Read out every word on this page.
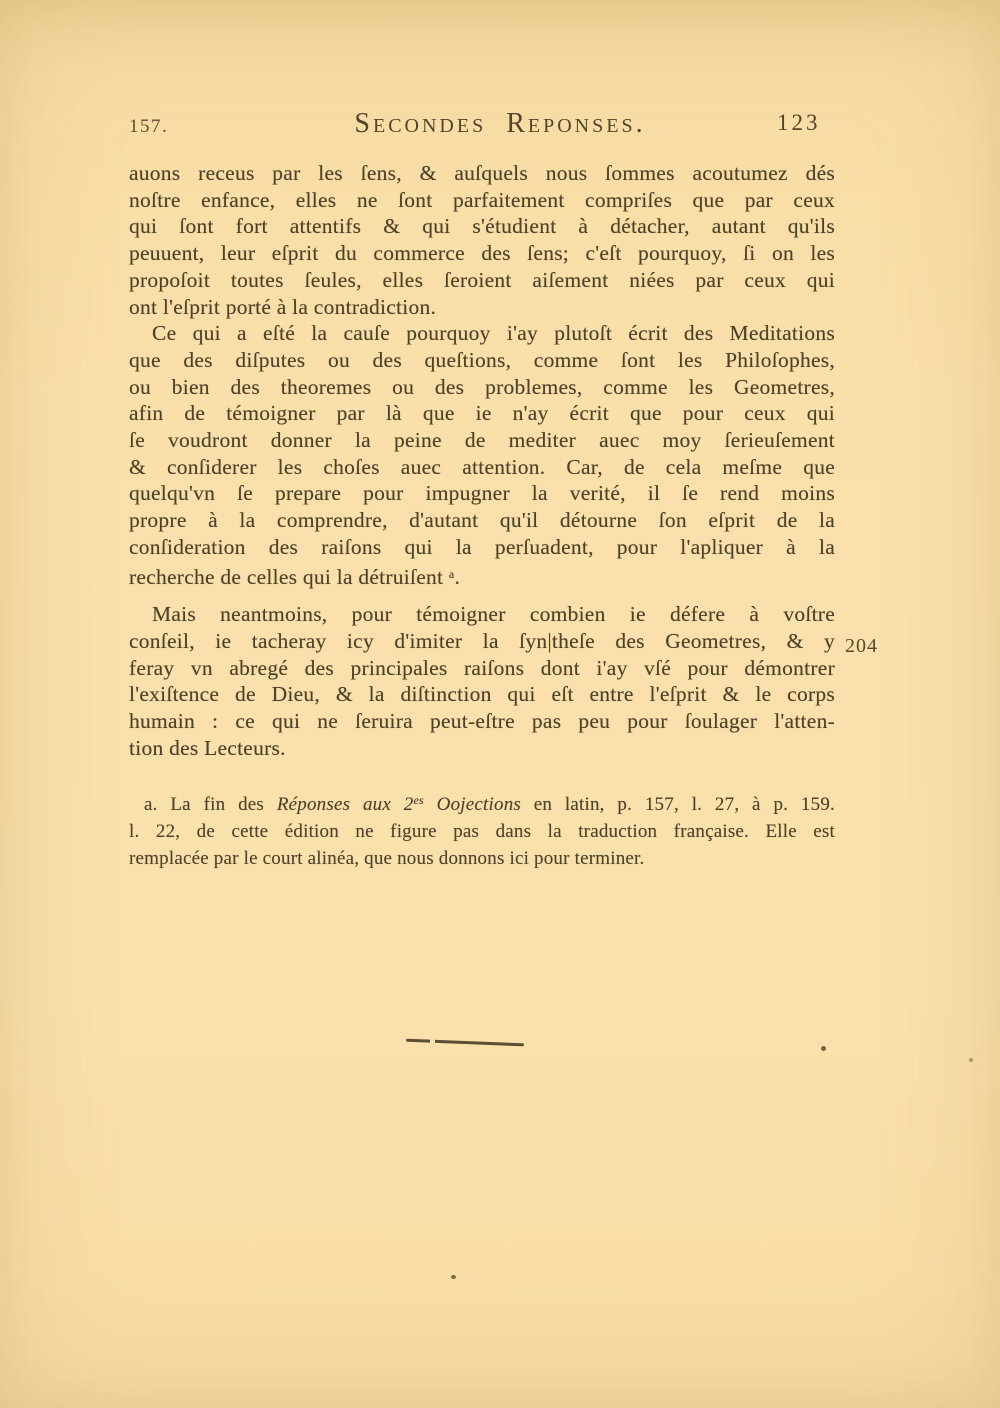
157.	Secondes Reponses.	123
auons receus par les ſens, & auſquels nous ſommes acoutumez dés
noſtre enfance, elles ne ſont parfaitement compriſes que par ceux
qui ſont fort attentifs & qui s'étudient à détacher, autant qu'ils
peuuent, leur eſprit du commerce des ſens; c'eſt pourquoy, ſi on les
propoſoit toutes ſeules, elles ſeroient aiſement niées par ceux qui
ont l'eſprit porté à la contradiction.
Ce qui a eſté la cauſe pourquoy i'ay plutoſt écrit des Meditations
que des diſputes ou des queſtions, comme ſont les Philoſophes,
ou bien des theoremes ou des problemes, comme les Geometres,
afin de témoigner par là que ie n'ay écrit que pour ceux qui
ſe voudront donner la peine de mediter auec moy ſerieuſement
& conſiderer les choſes auec attention. Car, de cela meſme que
quelqu'vn ſe prepare pour impugner la verité, il ſe rend moins
propre à la comprendre, d'autant qu'il détourne ſon eſprit de la
conſideration des raiſons qui la perſuadent, pour l'apliquer à la
recherche de celles qui la détruiſent $^a$.
Mais neantmoins, pour témoigner combien ie défere à voſtre
conſeil, ie tacheray icy d'imiter la ſyn|theſe des Geometres, & y
feray vn abregé des principales raiſons dont i'ay vſé pour démontrer
l'exiſtence de Dieu, & la diſtinction qui eſt entre l'eſprit & le corps
humain : ce qui ne ſeruira peut-eſtre pas peu pour ſoulager l'atten-
tion des Lecteurs.
204
a. La fin des Réponses aux $2^{es}$ Oojections en latin, p. 157, l. 27, à p. 159.
l. 22, de cette édition ne figure pas dans la traduction française. Elle est
remplacée par le court alinéa, que nous donnons ici pour terminer.
